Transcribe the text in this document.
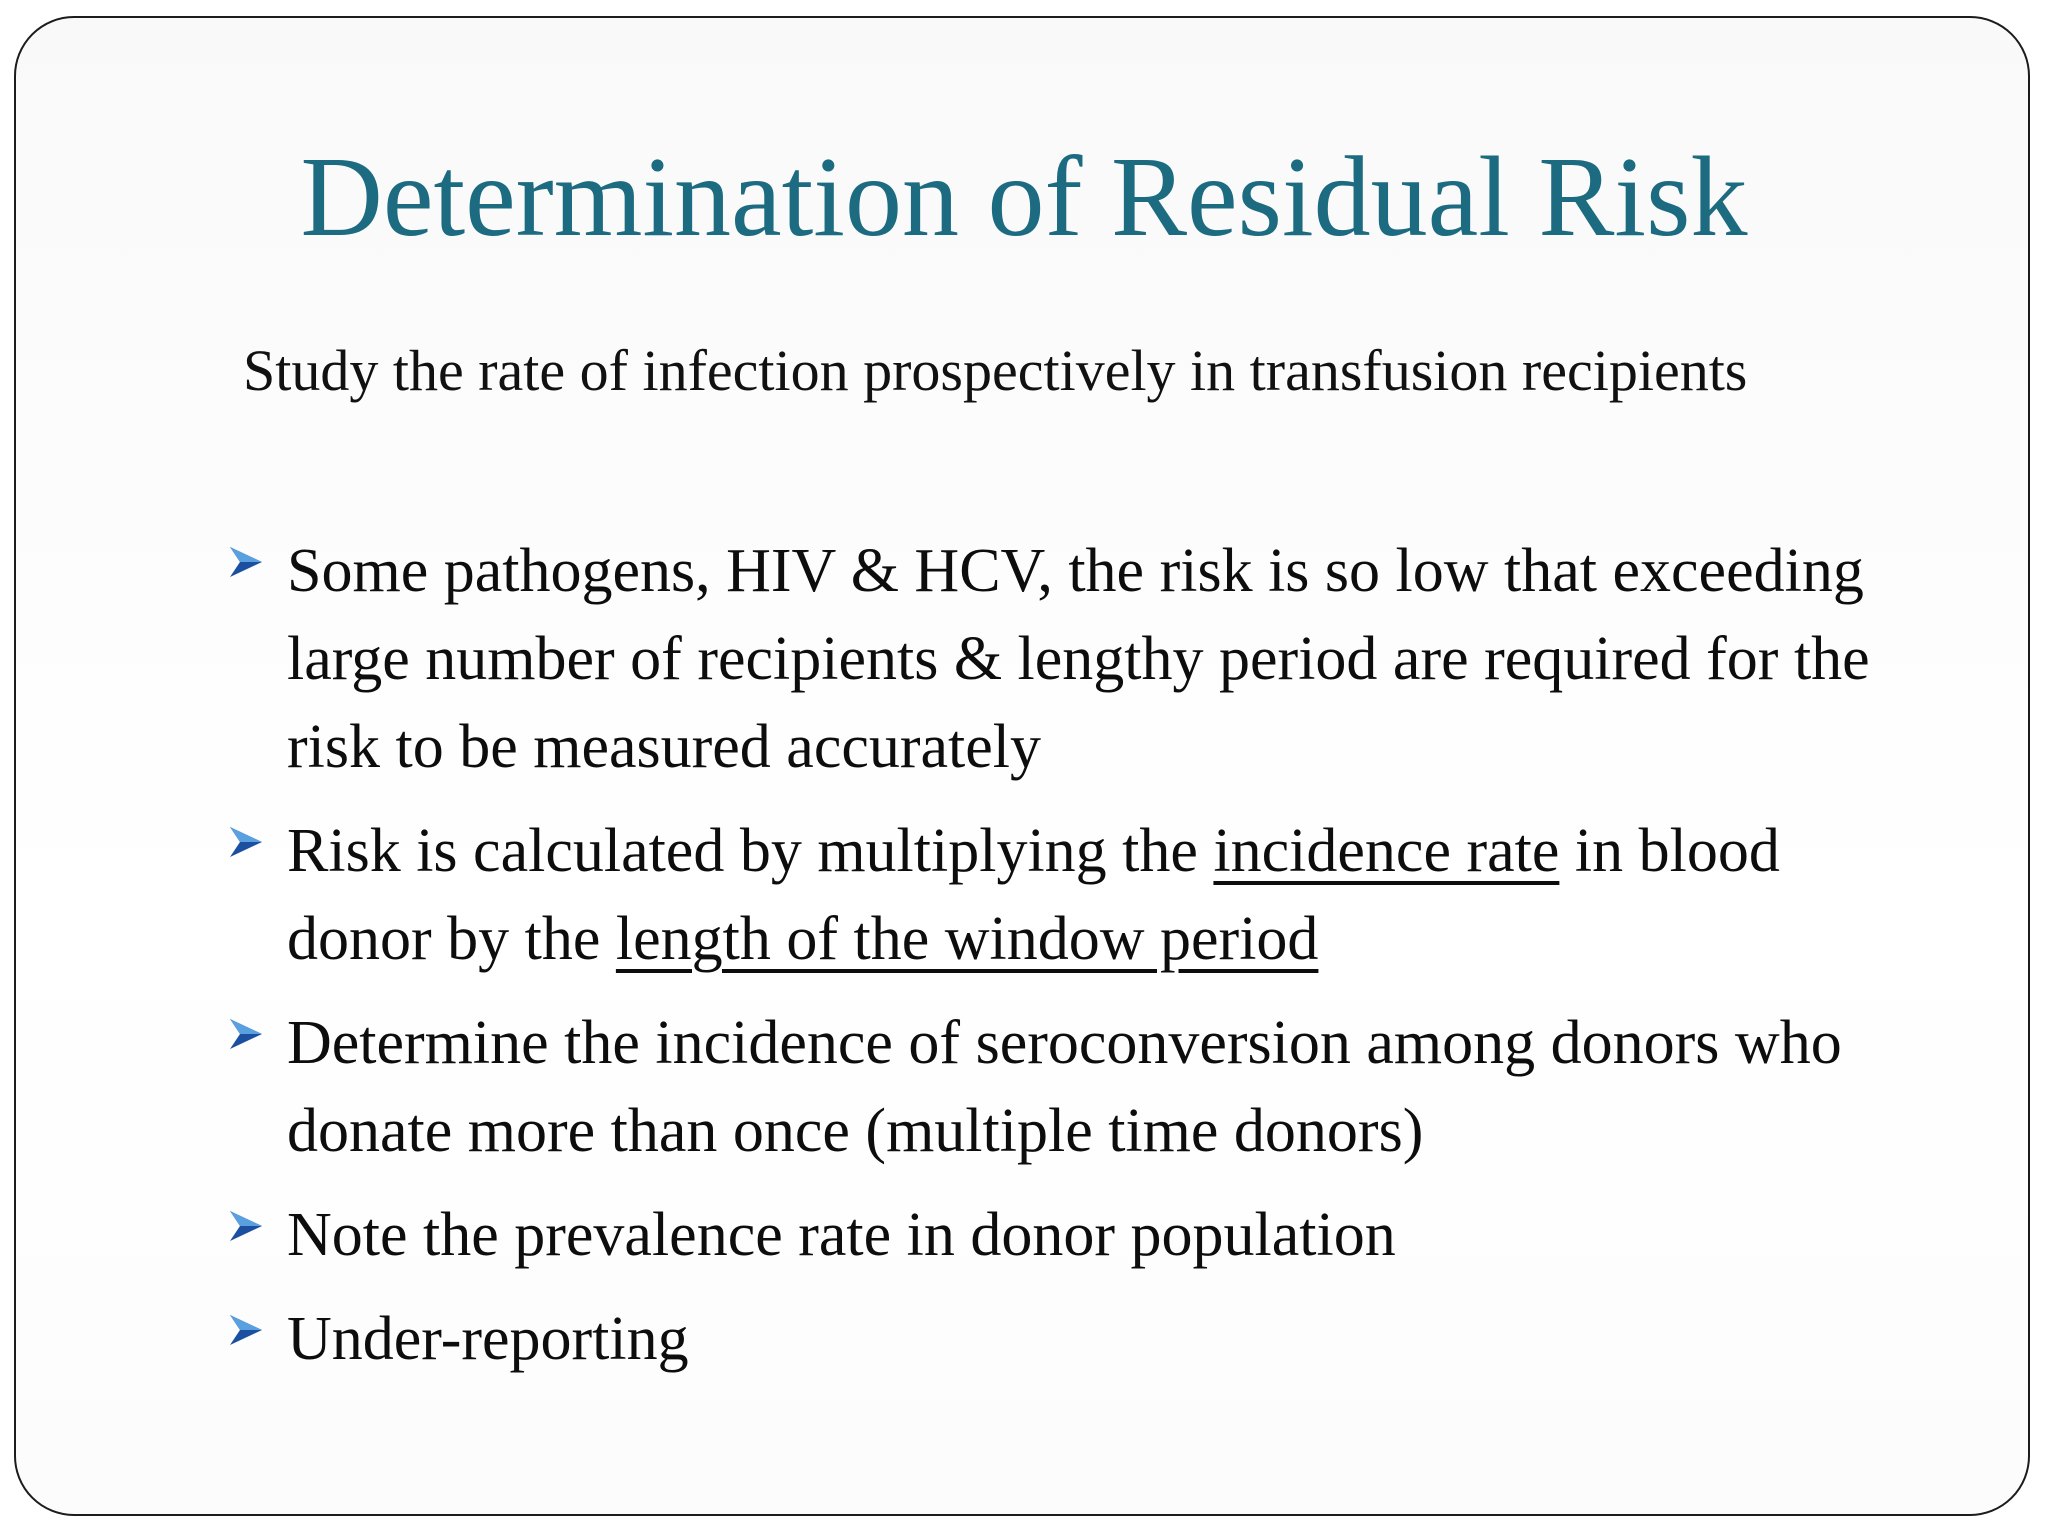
Determination of Residual Risk

Study the rate of infection prospectively in transfusion recipients

Some pathogens, HIV & HCV, the risk is so low that exceeding large number of recipients & lengthy period are required for the risk to be measured accurately
Risk is calculated by multiplying the incidence rate in blood donor by the length of the window period
Determine the incidence of seroconversion among donors who donate more than once (multiple time donors)
Note the prevalence rate in donor population
Under-reporting
